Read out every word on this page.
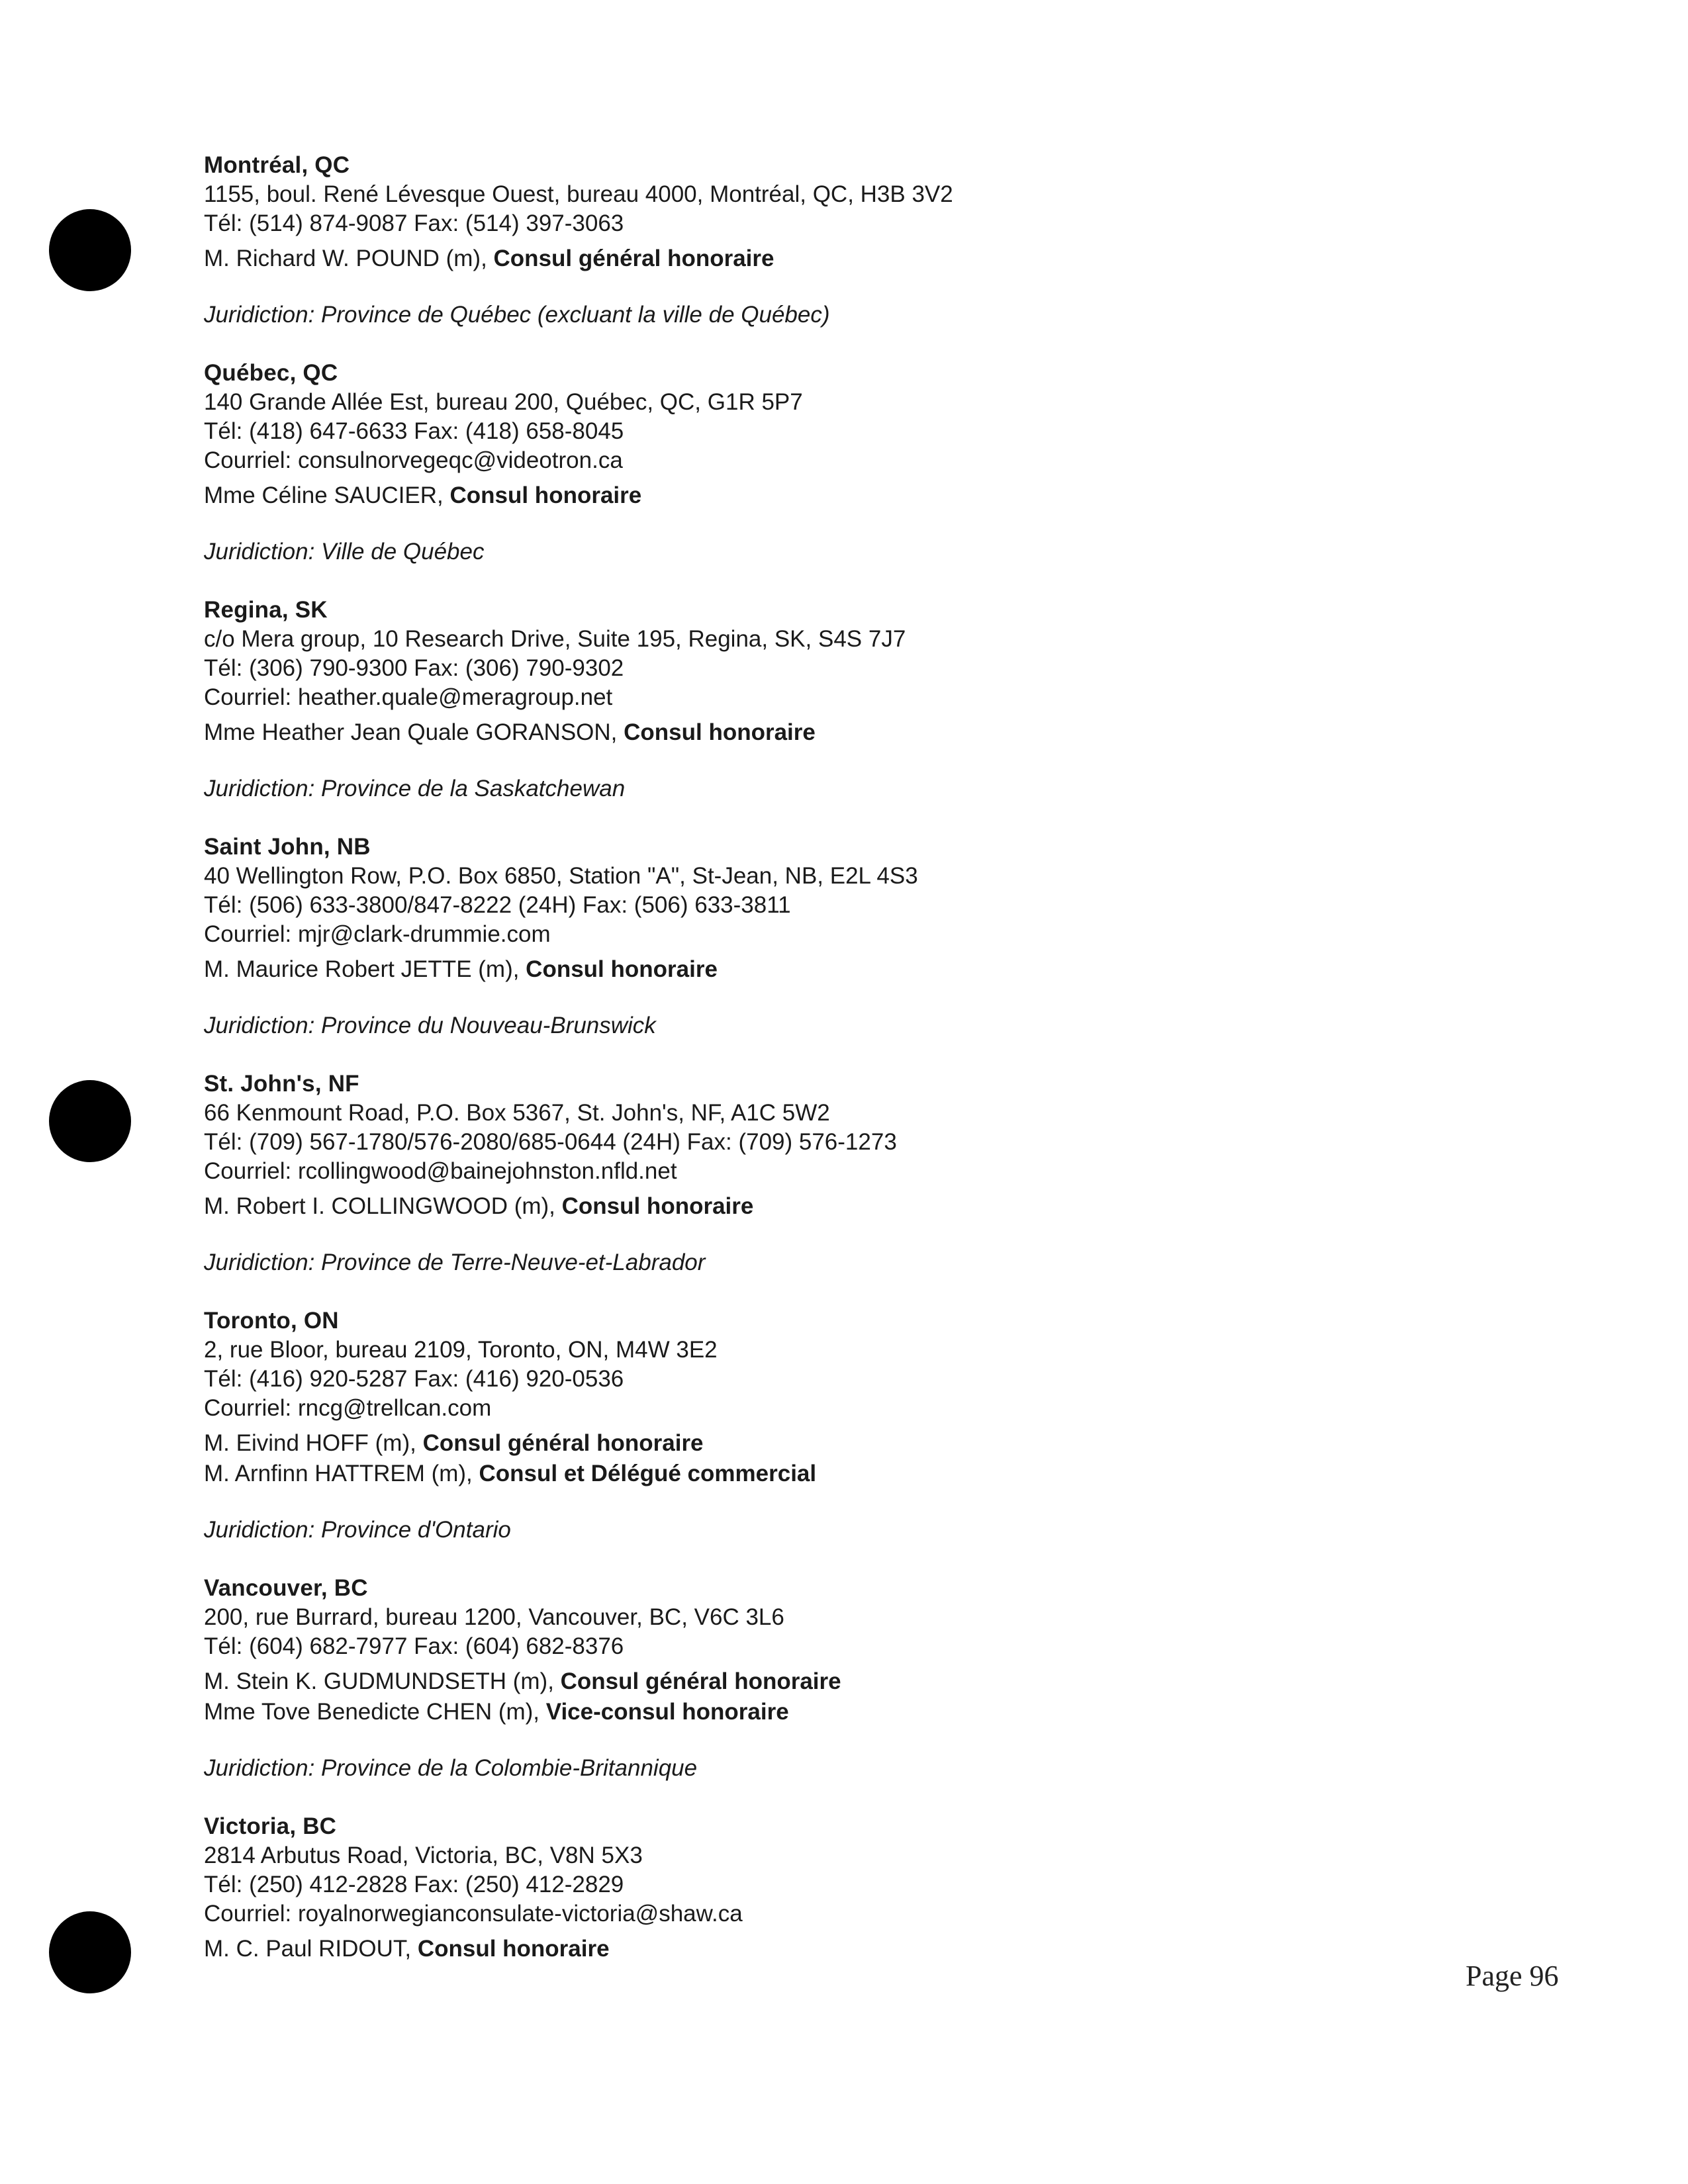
Montréal, QC
1155, boul. René Lévesque Ouest, bureau 4000, Montréal, QC, H3B 3V2
Tél: (514) 874-9087 Fax: (514) 397-3063
M. Richard W. POUND (m), Consul général honoraire
Juridiction: Province de Québec (excluant la ville de Québec)
Québec, QC
140 Grande Allée Est, bureau 200, Québec, QC, G1R 5P7
Tél: (418) 647-6633 Fax: (418) 658-8045
Courriel: consulnorvegeqc@videotron.ca
Mme Céline SAUCIER, Consul honoraire
Juridiction: Ville de Québec
Regina, SK
c/o Mera group, 10 Research Drive, Suite 195, Regina, SK, S4S 7J7
Tél: (306) 790-9300 Fax: (306) 790-9302
Courriel: heather.quale@meragroup.net
Mme Heather Jean Quale GORANSON, Consul honoraire
Juridiction: Province de la Saskatchewan
Saint John, NB
40 Wellington Row, P.O. Box 6850, Station "A", St-Jean, NB, E2L 4S3
Tél: (506) 633-3800/847-8222 (24H) Fax: (506) 633-3811
Courriel: mjr@clark-drummie.com
M. Maurice Robert JETTE (m), Consul honoraire
Juridiction: Province du Nouveau-Brunswick
St. John's, NF
66 Kenmount Road, P.O. Box 5367, St. John's, NF, A1C 5W2
Tél: (709) 567-1780/576-2080/685-0644 (24H) Fax: (709) 576-1273
Courriel: rcollingwood@bainejohnston.nfld.net
M. Robert I. COLLINGWOOD (m), Consul honoraire
Juridiction: Province de Terre-Neuve-et-Labrador
Toronto, ON
2, rue Bloor, bureau 2109, Toronto, ON, M4W 3E2
Tél: (416) 920-5287 Fax: (416) 920-0536
Courriel: rncg@trellcan.com
M. Eivind HOFF (m), Consul général honoraire
M. Arnfinn HATTREM (m), Consul et Délégué commercial
Juridiction: Province d'Ontario
Vancouver, BC
200, rue Burrard, bureau 1200, Vancouver, BC, V6C 3L6
Tél: (604) 682-7977 Fax: (604) 682-8376
M. Stein K. GUDMUNDSETH (m), Consul général honoraire
Mme Tove Benedicte CHEN (m), Vice-consul honoraire
Juridiction: Province de la Colombie-Britannique
Victoria, BC
2814 Arbutus Road, Victoria, BC, V8N 5X3
Tél: (250) 412-2828 Fax: (250) 412-2829
Courriel: royalnorwegianconsulate-victoria@shaw.ca
M. C. Paul RIDOUT, Consul honoraire
Page 96
